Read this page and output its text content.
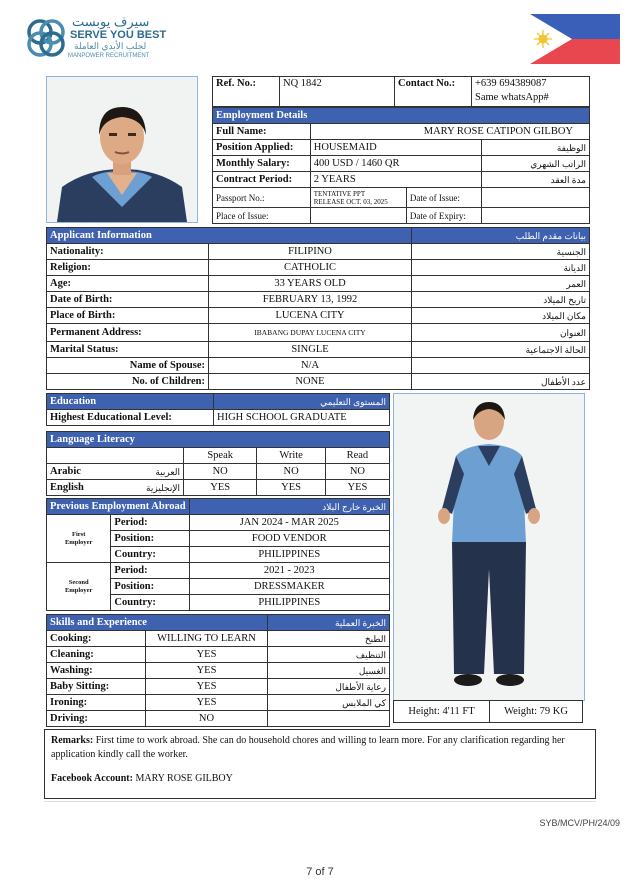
سيرف يوبست
SERVE YOU BEST
لجلب الأيدي العاملة
MANPOWER RECRUITMENT
Ref. No.:	NQ 1842	Contact No.:	+639 694389087
Same whatsApp#
Employment Details			
Full Name:	MARY ROSE CATIPON GILBOY		
Position Applied:	HOUSEMAID		الوظيفة
Monthly Salary:	400 USD / 1460 QR		الراتب الشهري
Contract Period:	2 YEARS		مدة العقد
Passport No.:	TENTATIVE PPT
RELEASE OCT. 03, 2025	Date of Issue:	
Place of Issue:		Date of Expiry:	
Applicant Information		بيانات مقدم الطلب
Nationality:	FILIPINO	الجنسية
Religion:	CATHOLIC	الديانة
Age:	33 YEARS OLD	العمر
Date of Birth:	FEBRUARY 13, 1992	تاريخ الميلاد
Place of Birth:	LUCENA CITY	مكان الميلاد
Permanent Address:	IBABANG DUPAY LUCENA CITY	العنوان
Marital Status:	SINGLE	الحالة الاجتماعية
Name of Spouse:	N/A	
No. of Children:	NONE	عدد الأطفال
Education	المستوى التعليمي
Highest Educational Level:	HIGH SCHOOL GRADUATE
Language Literacy				
		Speak	Write	Read
Arabic	العربية	NO	NO	NO
English	الإنجليزية	YES	YES	YES
Previous Employment Abroad		الخبرة خارج البلاد

First
Employer	Period:	JAN 2024 - MAR 2025
	Position:	FOOD VENDOR
	Country:	PHILIPPINES

Second
Employer	Period:	2021 - 2023
	Position:	DRESSMAKER
	Country:	PHILIPPINES
Skills and Experience		الخبرة العملية
Cooking:	WILLING TO LEARN	الطبخ
Cleaning:	YES	التنظيف
Washing:	YES	الغسيل
Baby Sitting:	YES	رعاية الأطفال
Ironing:	YES	كي الملابس
Driving:	NO	
Height: 4'11 FT	Weight: 79 KG
Remarks: First time to work abroad. She can do household chores and willing to learn more. For any clarification regarding her application kindly call the worker.
Facebook Account: MARY ROSE GILBOY
SYB/MCV/PH/24/09
7 of 7
